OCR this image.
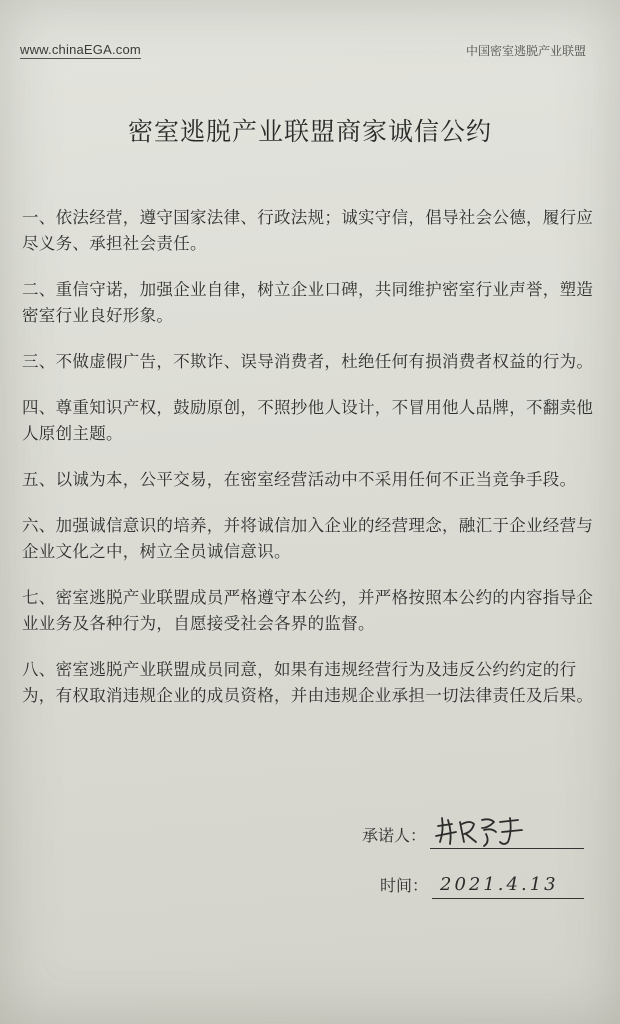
www.chinaEGA.com	中国密室逃脱产业联盟
密室逃脱产业联盟商家诚信公约

一、依法经营，遵守国家法律、行政法规；诚实守信，倡导社会公德，履行应尽义务、承担社会责任。

二、重信守诺，加强企业自律，树立企业口碑，共同维护密室行业声誉，塑造密室行业良好形象。

三、不做虚假广告，不欺诈、误导消费者，杜绝任何有损消费者权益的行为。

四、尊重知识产权，鼓励原创，不照抄他人设计，不冒用他人品牌，不翻卖他人原创主题。

五、以诚为本，公平交易，在密室经营活动中不采用任何不正当竞争手段。

六、加强诚信意识的培养，并将诚信加入企业的经营理念，融汇于企业经营与企业文化之中，树立全员诚信意识。

七、密室逃脱产业联盟成员严格遵守本公约，并严格按照本公约的内容指导企业业务及各种行为，自愿接受社会各界的监督。

八、密室逃脱产业联盟成员同意，如果有违规经营行为及违反公约约定的行为，有权取消违规企业的成员资格，并由违规企业承担一切法律责任及后果。

承诺人：
时间： 2021.4.13
